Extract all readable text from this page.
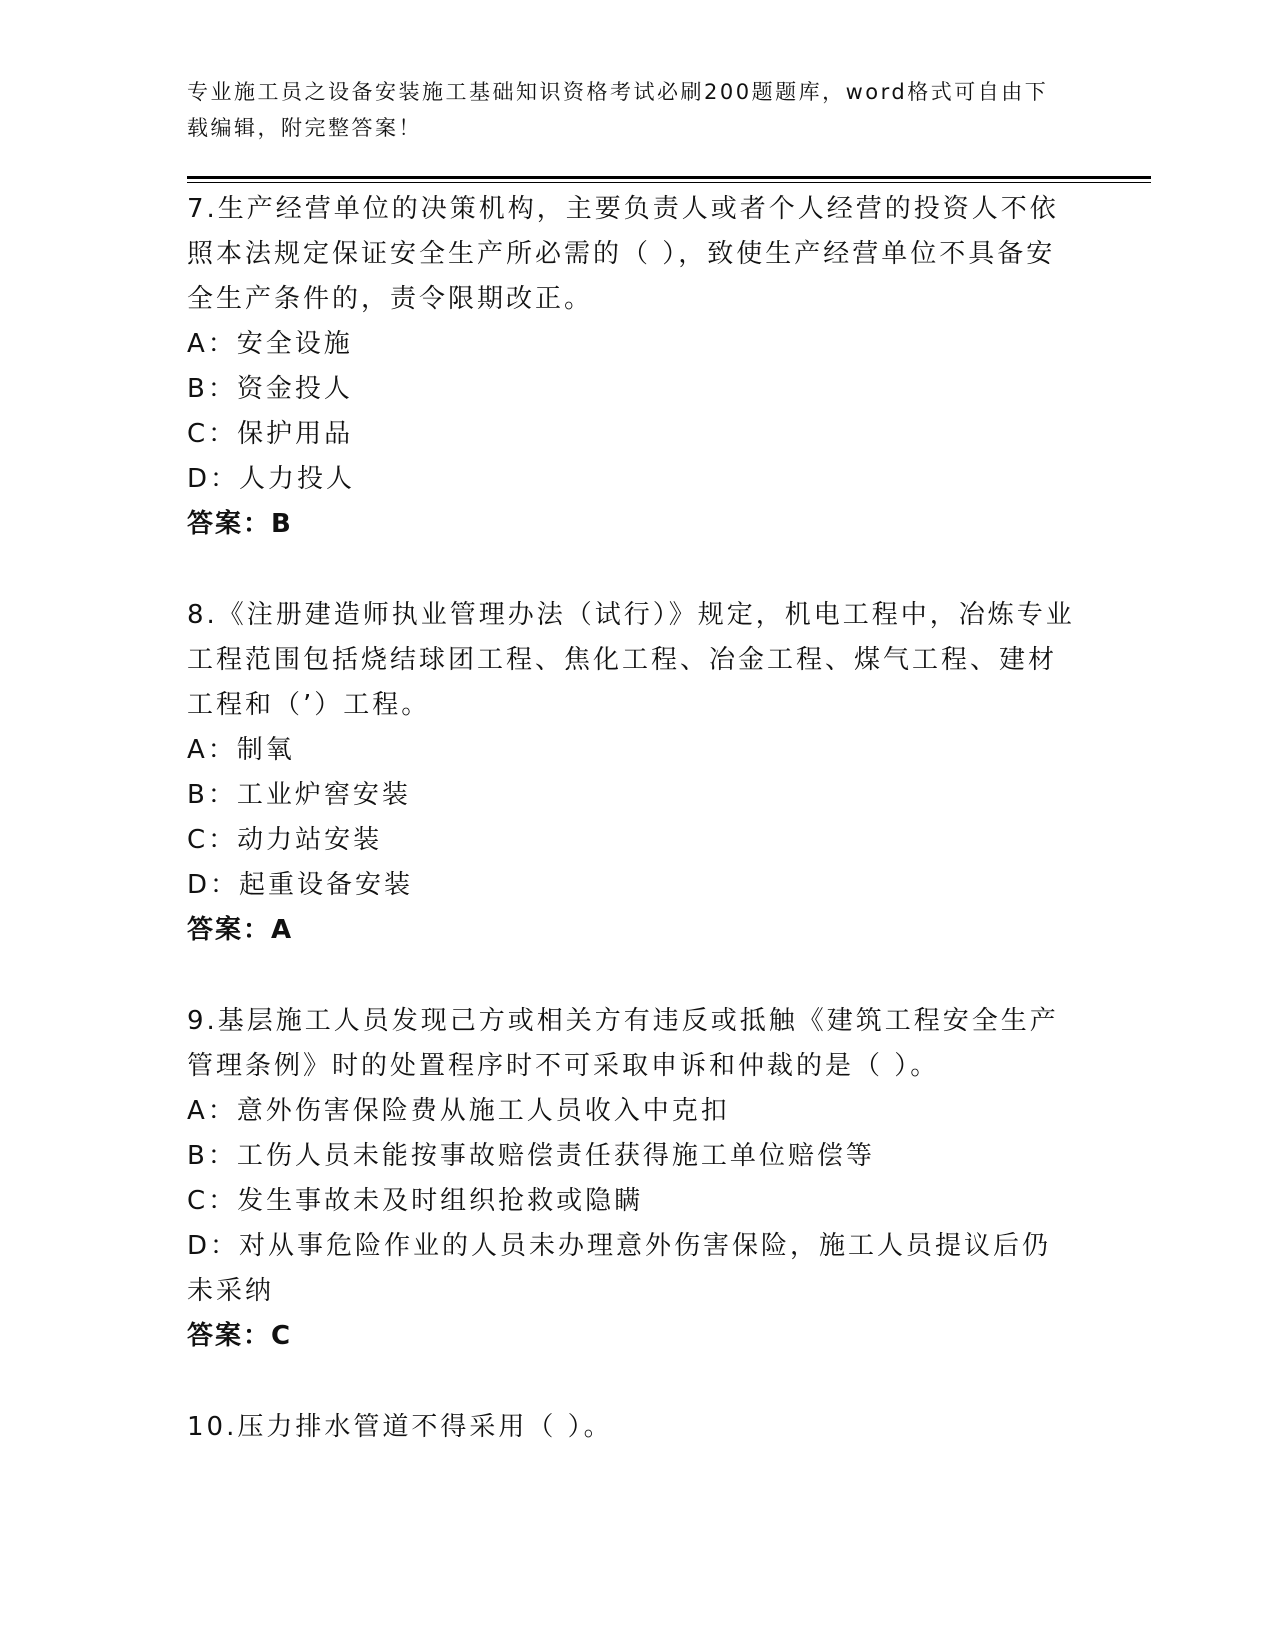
专业施工员之设备安装施工基础知识资格考试必刷200题题库，word格式可自由下载编辑，附完整答案！
7.生产经营单位的决策机构，主要负责人或者个人经营的投资人不依照本法规定保证安全生产所必需的（ ），致使生产经营单位不具备安全生产条件的，责令限期改正。
A：安全设施
B：资金投人
C：保护用品
D：人力投人
答案：B
8.《注册建造师执业管理办法（试行）》规定，机电工程中，冶炼专业工程范围包括烧结球团工程、焦化工程、冶金工程、煤气工程、建材工程和（’）工程。
A：制氧
B：工业炉窖安装
C：动力站安装
D：起重设备安装
答案：A
9.基层施工人员发现己方或相关方有违反或抵触《建筑工程安全生产管理条例》时的处置程序时不可采取申诉和仲裁的是（ ）。
A：意外伤害保险费从施工人员收入中克扣
B：工伤人员未能按事故赔偿责任获得施工单位赔偿等
C：发生事故未及时组织抢救或隐瞒
D：对从事危险作业的人员未办理意外伤害保险，施工人员提议后仍未采纳
答案：C
10.压力排水管道不得采用（ ）。
